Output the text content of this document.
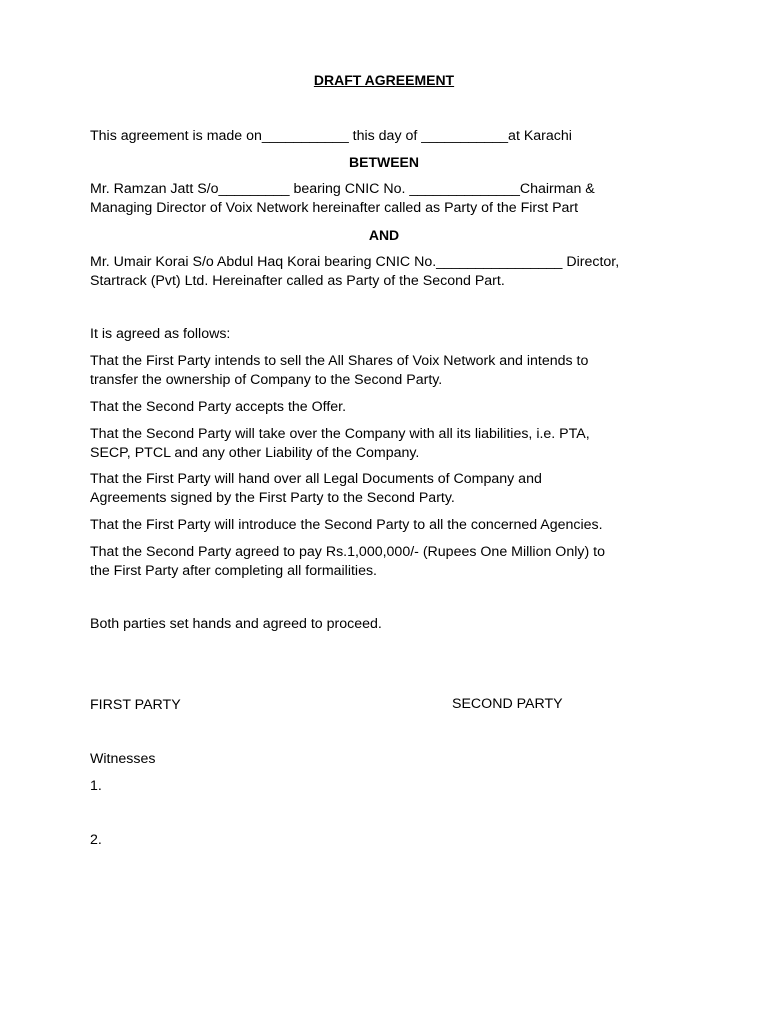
DRAFT AGREEMENT
This agreement is made on___________ this day of ___________at Karachi
BETWEEN
Mr. Ramzan Jatt S/o_________ bearing CNIC No. ______________Chairman &
Managing Director of Voix Network hereinafter called as Party of the First Part
AND
Mr. Umair Korai S/o Abdul Haq Korai bearing CNIC No.________________ Director,
Startrack (Pvt) Ltd. Hereinafter called as Party of the Second Part.
It is agreed as follows:
That the First Party intends to sell the All Shares of Voix Network and intends to
transfer the ownership of Company to the Second Party.
That the Second Party accepts the Offer.
That the Second Party will take over the Company with all its liabilities, i.e. PTA,
SECP, PTCL and any other Liability of the Company.
That the First Party will hand over all Legal Documents of Company and
Agreements signed by the First Party to the Second Party.
That the First Party will introduce the Second Party to all the concerned Agencies.
That the Second Party agreed to pay Rs.1,000,000/- (Rupees One Million Only) to
the First Party after completing all formailities.
Both parties set hands and agreed to proceed.
FIRST PARTY	SECOND PARTY
Witnesses
1.
2.
